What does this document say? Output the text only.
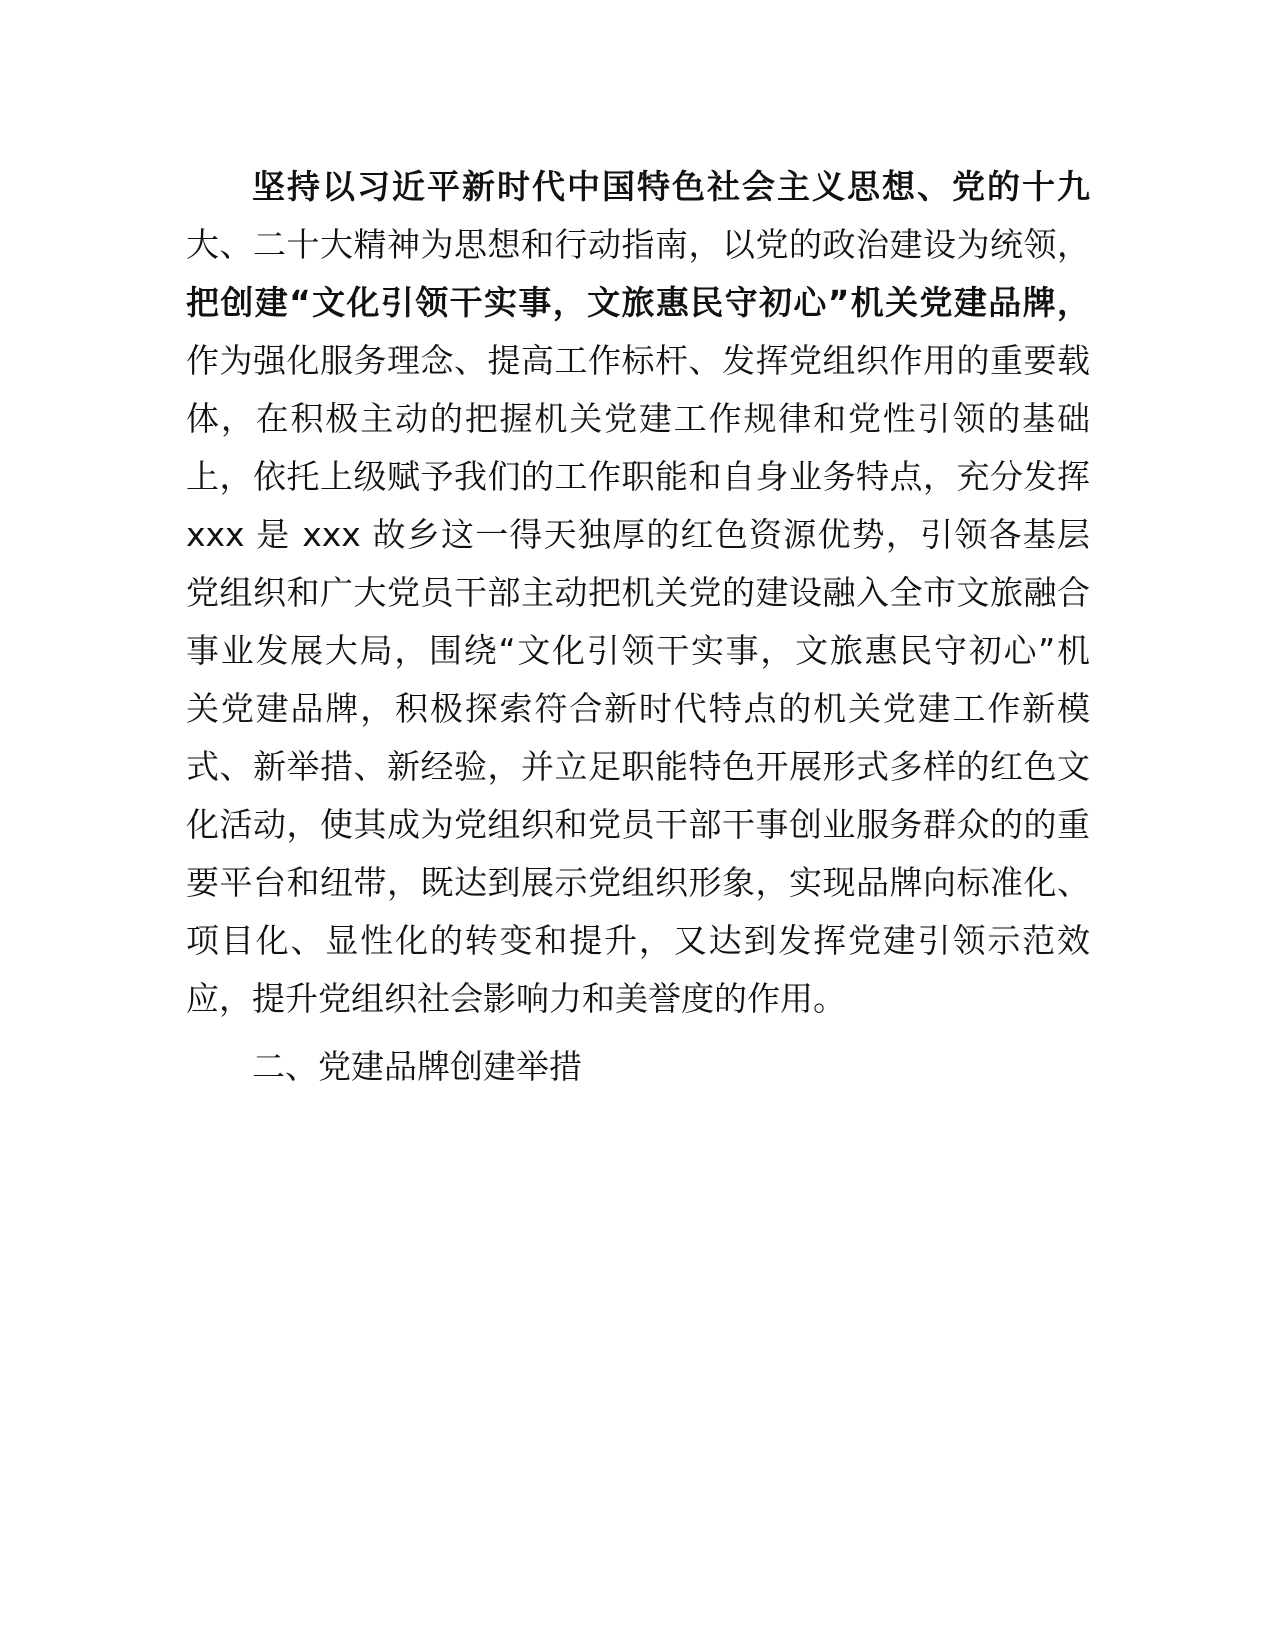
坚持以习近平新时代中国特色社会主义思想、党的十九
大、二十大精神为思想和行动指南，以党的政治建设为统领，
把创建“文化引领干实事，文旅惠民守初心”机关党建品牌，
作为强化服务理念、提高工作标杆、发挥党组织作用的重要载
体，在积极主动的把握机关党建工作规律和党性引领的基础
上，依托上级赋予我们的工作职能和自身业务特点，充分发挥
xxx 是 xxx 故乡这一得天独厚的红色资源优势，引领各基层
党组织和广大党员干部主动把机关党的建设融入全市文旅融合
事业发展大局，围绕“文化引领干实事，文旅惠民守初心”机
关党建品牌，积极探索符合新时代特点的机关党建工作新模
式、新举措、新经验，并立足职能特色开展形式多样的红色文
化活动，使其成为党组织和党员干部干事创业服务群众的的重
要平台和纽带，既达到展示党组织形象，实现品牌向标准化、
项目化、显性化的转变和提升，又达到发挥党建引领示范效
应，提升党组织社会影响力和美誉度的作用。
二、党建品牌创建举措
